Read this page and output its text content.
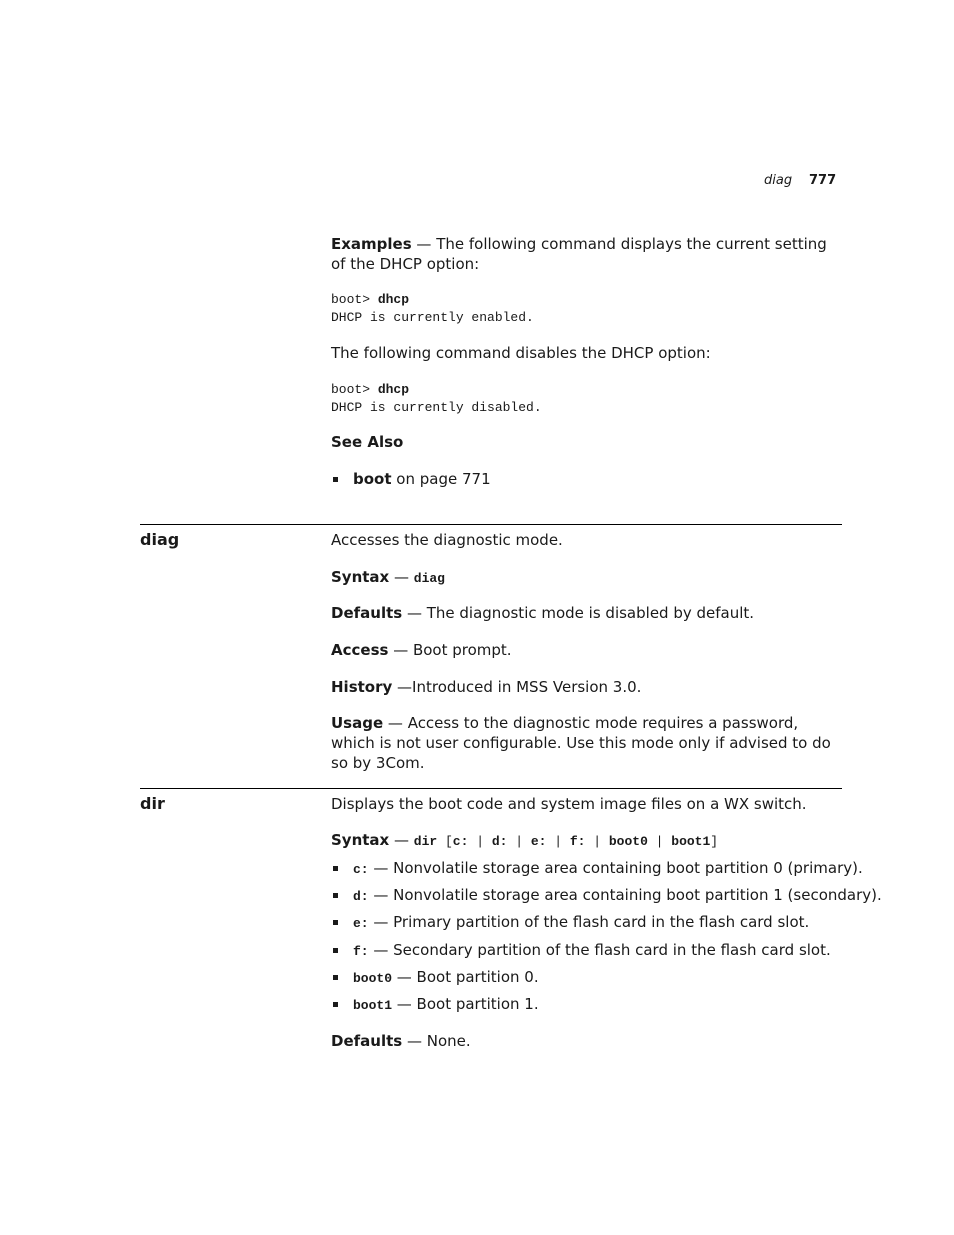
diag 777
Examples — The following command displays the current setting of the DHCP option:
boot> dhcp
DHCP is currently enabled.
The following command disables the DHCP option:
boot> dhcp
DHCP is currently disabled.
See Also
boot on page 771
diag	Accesses the diagnostic mode.
Syntax — diag
Defaults — The diagnostic mode is disabled by default.
Access — Boot prompt.
History —Introduced in MSS Version 3.0.
Usage — Access to the diagnostic mode requires a password, which is not user configurable. Use this mode only if advised to do so by 3Com.
dir	Displays the boot code and system image files on a WX switch.
Syntax — dir [c: | d: | e: | f: | boot0 | boot1]
c: — Nonvolatile storage area containing boot partition 0 (primary).
d: — Nonvolatile storage area containing boot partition 1 (secondary).
e: — Primary partition of the flash card in the flash card slot.
f: — Secondary partition of the flash card in the flash card slot.
boot0 — Boot partition 0.
boot1 — Boot partition 1.
Defaults — None.
